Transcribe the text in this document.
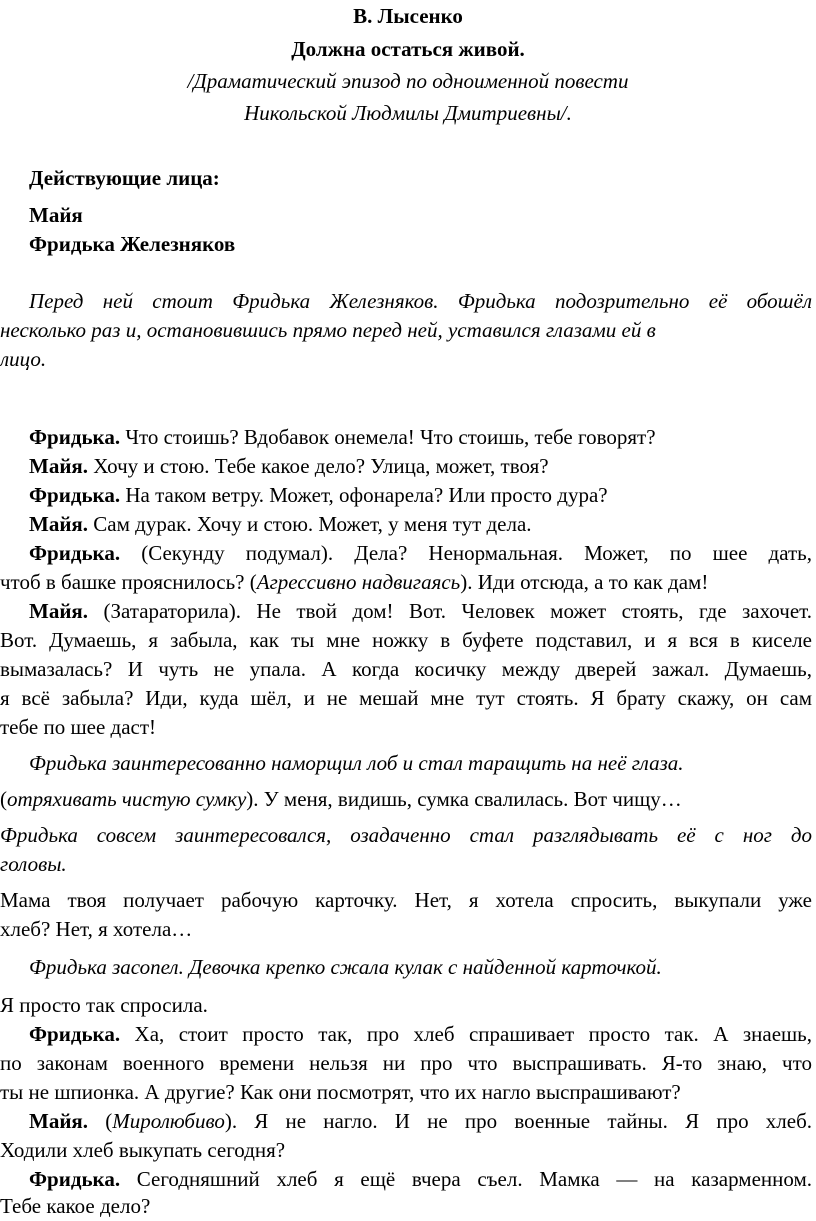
В. Лысенко
Должна остаться живой.
/Драматический эпизод по одноименной повести
Никольской Людмилы Дмитриевны/.
Действующие лица:
Майя
Фридька Железняков
Перед ней стоит Фридька Железняков. Фридька подозрительно её обошёл
несколько раз и, остановившись прямо перед ней, уставился глазами ей в
лицо.
Фридька. Что стоишь? Вдобавок онемела! Что стоишь, тебе говорят?
Майя. Хочу и стою. Тебе какое дело? Улица, может, твоя?
Фридька. На таком ветру. Может, офонарела? Или просто дура?
Майя. Сам дурак. Хочу и стою. Может, у меня тут дела.
Фридька. (Секунду подумал). Дела? Ненормальная. Может, по шее дать,
чтоб в башке прояснилось? (Агрессивно надвигаясь). Иди отсюда, а то как дам!
Майя. (Затараторила). Не твой дом! Вот. Человек может стоять, где захочет.
Вот. Думаешь, я забыла, как ты мне ножку в буфете подставил, и я вся в киселе
вымазалась? И чуть не упала. А когда косичку между дверей зажал. Думаешь,
я всё забыла? Иди, куда шёл, и не мешай мне тут стоять. Я брату скажу, он сам
тебе по шее даст!
Фридька заинтересованно наморщил лоб и стал таращить на неё глаза.
(отряхивать чистую сумку). У меня, видишь, сумка свалилась. Вот чищу…
Фридька совсем заинтересовался, озадаченно стал разглядывать её с ног до
головы.
Мама твоя получает рабочую карточку. Нет, я хотела спросить, выкупали уже
хлеб? Нет, я хотела…
Фридька засопел. Девочка крепко сжала кулак с найденной карточкой.
Я просто так спросила.
Фридька. Ха, стоит просто так, про хлеб спрашивает просто так. А знаешь,
по законам военного времени нельзя ни про что выспрашивать. Я-то знаю, что
ты не шпионка. А другие? Как они посмотрят, что их нагло выспрашивают?
Майя. (Миролюбиво). Я не нагло. И не про военные тайны. Я про хлеб.
Ходили хлеб выкупать сегодня?
Фридька. Сегодняшний хлеб я ещё вчера съел. Мамка — на казарменном.
Тебе какое дело?
